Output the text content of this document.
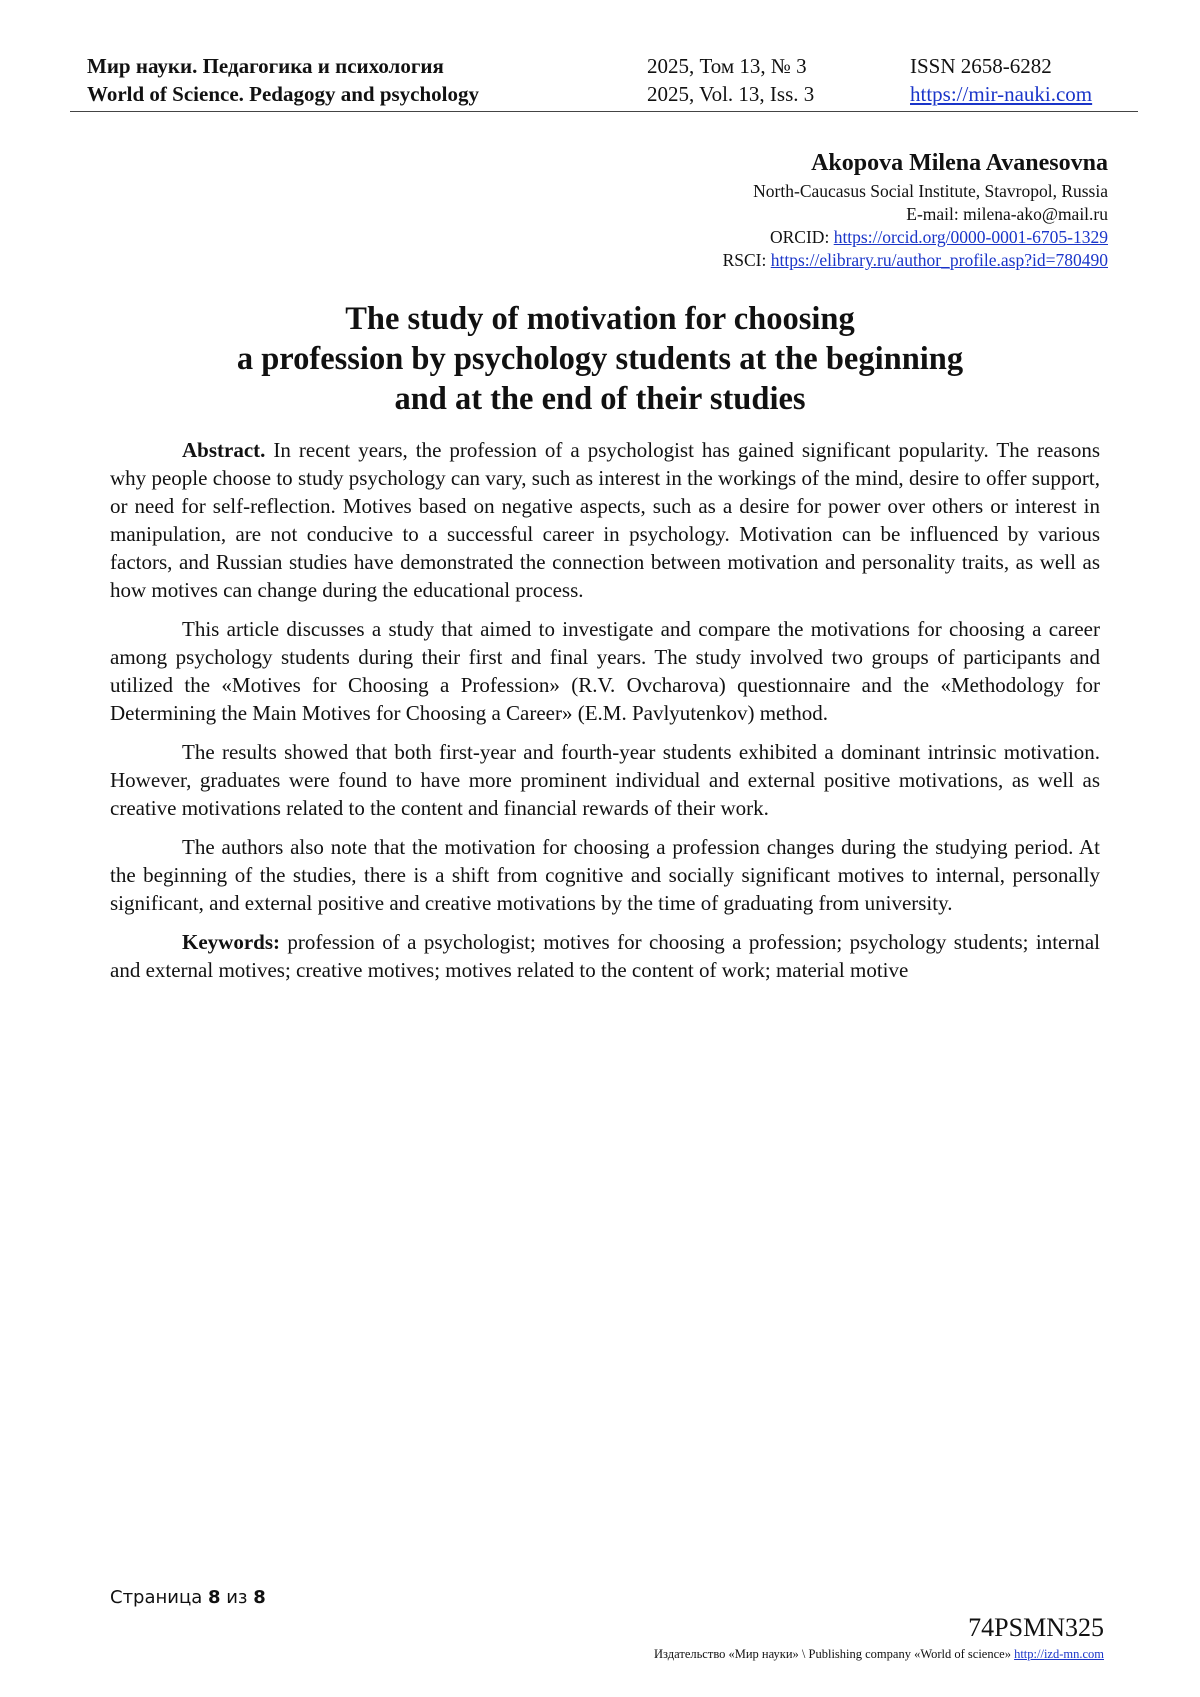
Мир науки. Педагогика и психология	2025, Том 13, № 3	ISSN 2658-6282
World of Science. Pedagogy and psychology	2025, Vol. 13, Iss. 3	https://mir-nauki.com
Akopova Milena Avanesovna
North-Caucasus Social Institute, Stavropol, Russia
E-mail: milena-ako@mail.ru
ORCID: https://orcid.org/0000-0001-6705-1329
RSCI: https://elibrary.ru/author_profile.asp?id=780490
The study of motivation for choosing
a profession by psychology students at the beginning
and at the end of their studies

Abstract. In recent years, the profession of a psychologist has gained significant popularity. The reasons why people choose to study psychology can vary, such as interest in the workings of the mind, desire to offer support, or need for self-reflection. Motives based on negative aspects, such as a desire for power over others or interest in manipulation, are not conducive to a successful career in psychology. Motivation can be influenced by various factors, and Russian studies have demonstrated the connection between motivation and personality traits, as well as how motives can change during the educational process.

This article discusses a study that aimed to investigate and compare the motivations for choosing a career among psychology students during their first and final years. The study involved two groups of participants and utilized the «Motives for Choosing a Profession» (R.V. Ovcharova) questionnaire and the «Methodology for Determining the Main Motives for Choosing a Career» (E.M. Pavlyutenkov) method.

The results showed that both first-year and fourth-year students exhibited a dominant intrinsic motivation. However, graduates were found to have more prominent individual and external positive motivations, as well as creative motivations related to the content and financial rewards of their work.

The authors also note that the motivation for choosing a profession changes during the studying period. At the beginning of the studies, there is a shift from cognitive and socially significant motives to internal, personally significant, and external positive and creative motivations by the time of graduating from university.

Keywords: profession of a psychologist; motives for choosing a profession; psychology students; internal and external motives; creative motives; motives related to the content of work; material motive

Страница 8 из 8
74PSMN325
Издательство «Мир науки» \ Publishing company «World of science» http://izd-mn.com
